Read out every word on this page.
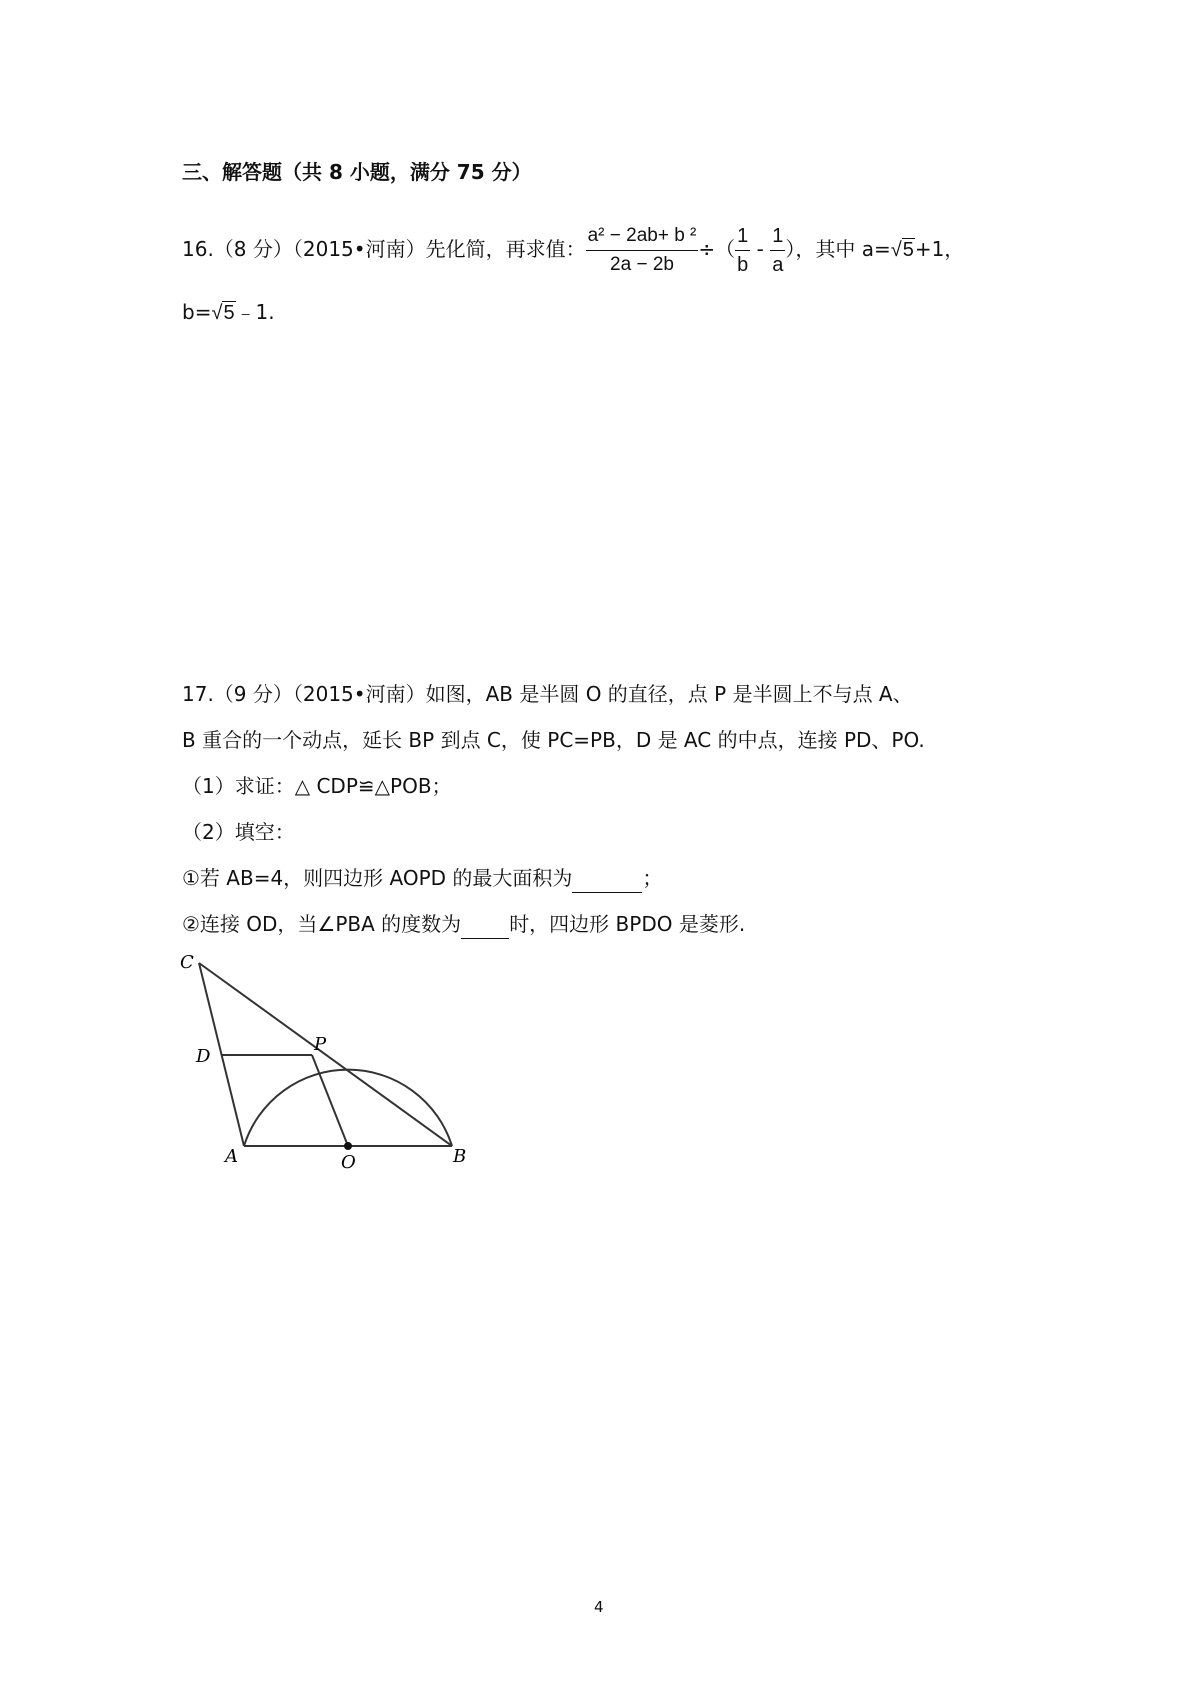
三、解答题（共 8 小题，满分 75 分）
16.（8 分）（2015•河南）先化简，再求值： $\frac{\text{a² − 2ab+ b ²}}{2a - 2b}$ ÷（ $\frac{1}{b} - \frac{1}{a}$ ），其中 a=√5+1，
b=√5﹣1.
17.（9 分）（2015•河南）如图，AB 是半圆 O 的直径，点 P 是半圆上不与点 A、
B 重合的一个动点，延长 BP 到点 C，使 PC=PB，D 是 AC 的中点，连接 PD、PO.
（1）求证：△ CDP≌△POB；
（2）填空：
①若 AB=4，则四边形 AOPD 的最大面积为	；
②连接 OD，当∠PBA 的度数为 时，四边形 BPDO 是菱形.
C
D
P
A	O	B
4
